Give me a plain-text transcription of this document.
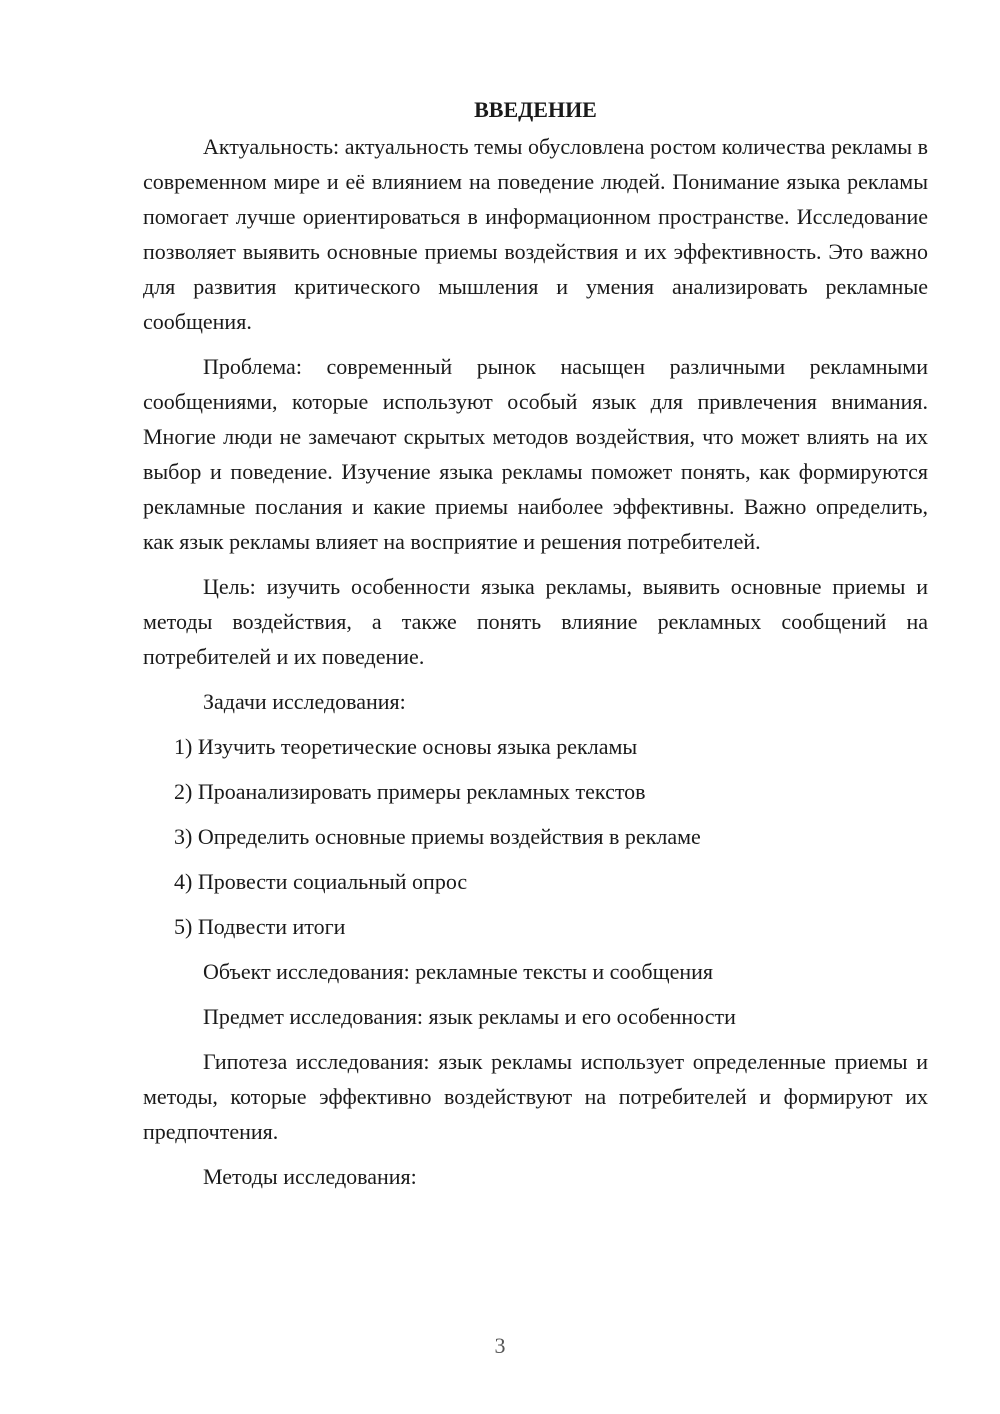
ВВЕДЕНИЕ

Актуальность: актуальность темы обусловлена ростом количества рекламы в современном мире и её влиянием на поведение людей. Понимание языка рекламы помогает лучше ориентироваться в информационном пространстве. Исследование позволяет выявить основные приемы воздействия и их эффективность. Это важно для развития критического мышления и умения анализировать рекламные сообщения.

Проблема: современный рынок насыщен различными рекламными сообщениями, которые используют особый язык для привлечения внимания. Многие люди не замечают скрытых методов воздействия, что может влиять на их выбор и поведение. Изучение языка рекламы поможет понять, как формируются рекламные послания и какие приемы наиболее эффективны. Важно определить, как язык рекламы влияет на восприятие и решения потребителей.

Цель: изучить особенности языка рекламы, выявить основные приемы и методы воздействия, а также понять влияние рекламных сообщений на потребителей и их поведение.

Задачи исследования:

1) Изучить теоретические основы языка рекламы

2) Проанализировать примеры рекламных текстов

3) Определить основные приемы воздействия в рекламе

4) Провести социальный опрос

5) Подвести итоги

Объект исследования: рекламные тексты и сообщения

Предмет исследования: язык рекламы и его особенности

Гипотеза исследования: язык рекламы использует определенные приемы и методы, которые эффективно воздействуют на потребителей и формируют их предпочтения.

Методы исследования:

3
